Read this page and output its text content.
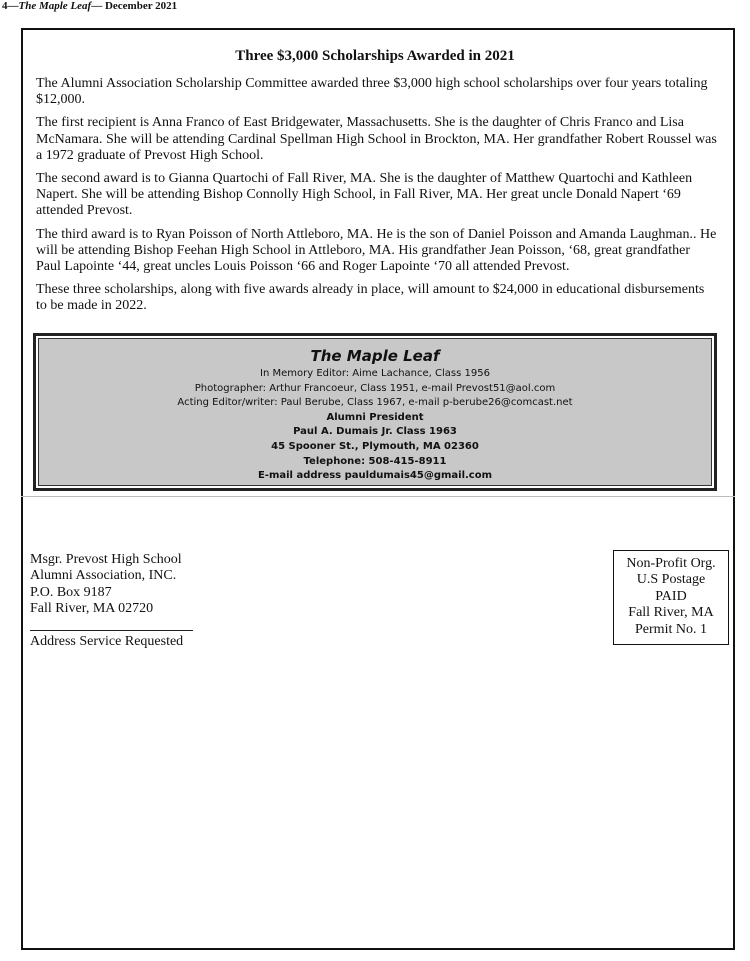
4—The Maple Leaf— December 2021
Three $3,000 Scholarships Awarded in 2021

The Alumni Association Scholarship Committee awarded three $3,000 high school scholarships over four years totaling $12,000.

The first recipient is Anna Franco of East Bridgewater, Massachusetts. She is the daughter of Chris Franco and Lisa McNamara. She will be attending Cardinal Spellman High School in Brockton, MA. Her grandfather Robert Roussel was a 1972 graduate of Prevost High School.

The second award is to Gianna Quartochi of Fall River, MA. She is the daughter of Matthew Quartochi and Kathleen Napert. She will be attending Bishop Connolly High School, in Fall River, MA. Her great uncle Donald Napert ‘69 attended Prevost.

The third award is to Ryan Poisson of North Attleboro, MA. He is the son of Daniel Poisson and Amanda Laughman.. He will be attending Bishop Feehan High School in Attleboro, MA. His grandfather Jean Poisson, ‘68, great grandfather Paul Lapointe ‘44, great uncles Louis Poisson ‘66 and Roger Lapointe ‘70 all attended Prevost.

These three scholarships, along with five awards already in place, will amount to $24,000 in educational disbursements to be made in 2022.

The Maple Leaf
In Memory Editor: Aime Lachance, Class 1956
Photographer: Arthur Francoeur, Class 1951, e-mail Prevost51@aol.com
Acting Editor/writer: Paul Berube, Class 1967, e-mail p-berube26@comcast.net
Alumni President
Paul A. Dumais Jr. Class 1963
45 Spooner St., Plymouth, MA 02360
Telephone: 508-415-8911
E-mail address pauldumais45@gmail.com
Msgr. Prevost High School
Alumni Association, INC.
P.O. Box 9187
Fall River, MA 02720
Address Service Requested
Non-Profit Org.
U.S Postage
PAID
Fall River, MA
Permit No. 1
